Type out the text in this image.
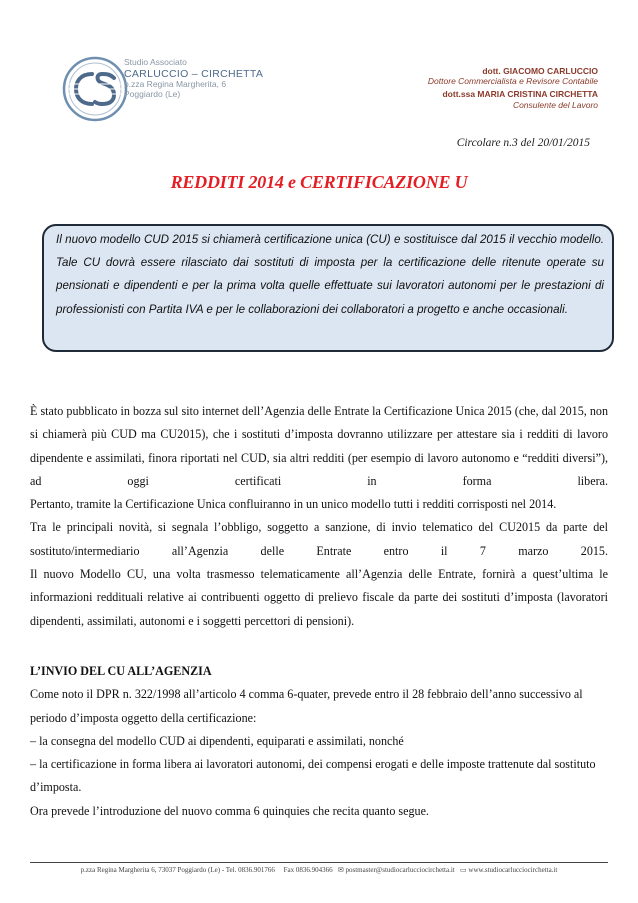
Studio Associato
CARLUCCIO – CIRCHETTA
p.zza Regina Margherita, 6
Poggiardo (Le)
dott. GIACOMO CARLUCCIO
Dottore Commercialista e Revisore Contabile
dott.ssa MARIA CRISTINA CIRCHETTA
Consulente del Lavoro
Circolare n.3 del 20/01/2015
REDDITI 2014 e CERTIFICAZIONE U

Il nuovo modello CUD 2015 si chiamerà certificazione unica (CU) e sostituisce dal 2015 il vecchio modello. Tale CU dovrà essere rilasciato dai sostituti di imposta per la certificazione delle ritenute operate su pensionati e dipendenti e per la prima volta quelle effettuate sui lavoratori autonomi per le prestazioni di professionisti con Partita IVA e per le collaborazioni dei collaboratori a progetto e anche occasionali.

È stato pubblicato in bozza sul sito internet dell’Agenzia delle Entrate la Certificazione Unica 2015 (che, dal 2015, non si chiamerà più CUD ma CU2015), che i sostituti d’imposta dovranno utilizzare per attestare sia i redditi di lavoro dipendente e assimilati, finora riportati nel CUD, sia altri redditi (per esempio di lavoro autonomo e “redditi diversi”), ad oggi certificati in forma libera.

Pertanto, tramite la Certificazione Unica confluiranno in un unico modello tutti i redditi corrisposti nel 2014.

Tra le principali novità, si segnala l’obbligo, soggetto a sanzione, di invio telematico del CU2015 da parte del sostituto/intermediario all’Agenzia delle Entrate entro il 7 marzo 2015.

Il nuovo Modello CU, una volta trasmesso telematicamente all’Agenzia delle Entrate, fornirà a quest’ultima le informazioni reddituali relative ai contribuenti oggetto di prelievo fiscale da parte dei sostituti d’imposta (lavoratori dipendenti, assimilati, autonomi e i soggetti percettori di pensioni).

L’INVIO DEL CU ALL’AGENZIA

Come noto il DPR n. 322/1998 all’articolo 4 comma 6-quater, prevede entro il 28 febbraio dell’anno successivo al periodo d’imposta oggetto della certificazione:

– la consegna del modello CUD ai dipendenti, equiparati e assimilati, nonché

– la certificazione in forma libera ai lavoratori autonomi, dei compensi erogati e delle imposte trattenute dal sostituto d’imposta.

Ora prevede l’introduzione del nuovo comma 6 quinquies che recita quanto segue.

p.zza Regina Margherita 6, 73037 Poggiardo (Le) - Tel. 0836.901766 Fax 0836.904366 ✉ postmaster@studiocarlucciocirchetta.it ▭ www.studiocarlucciocirchetta.it
